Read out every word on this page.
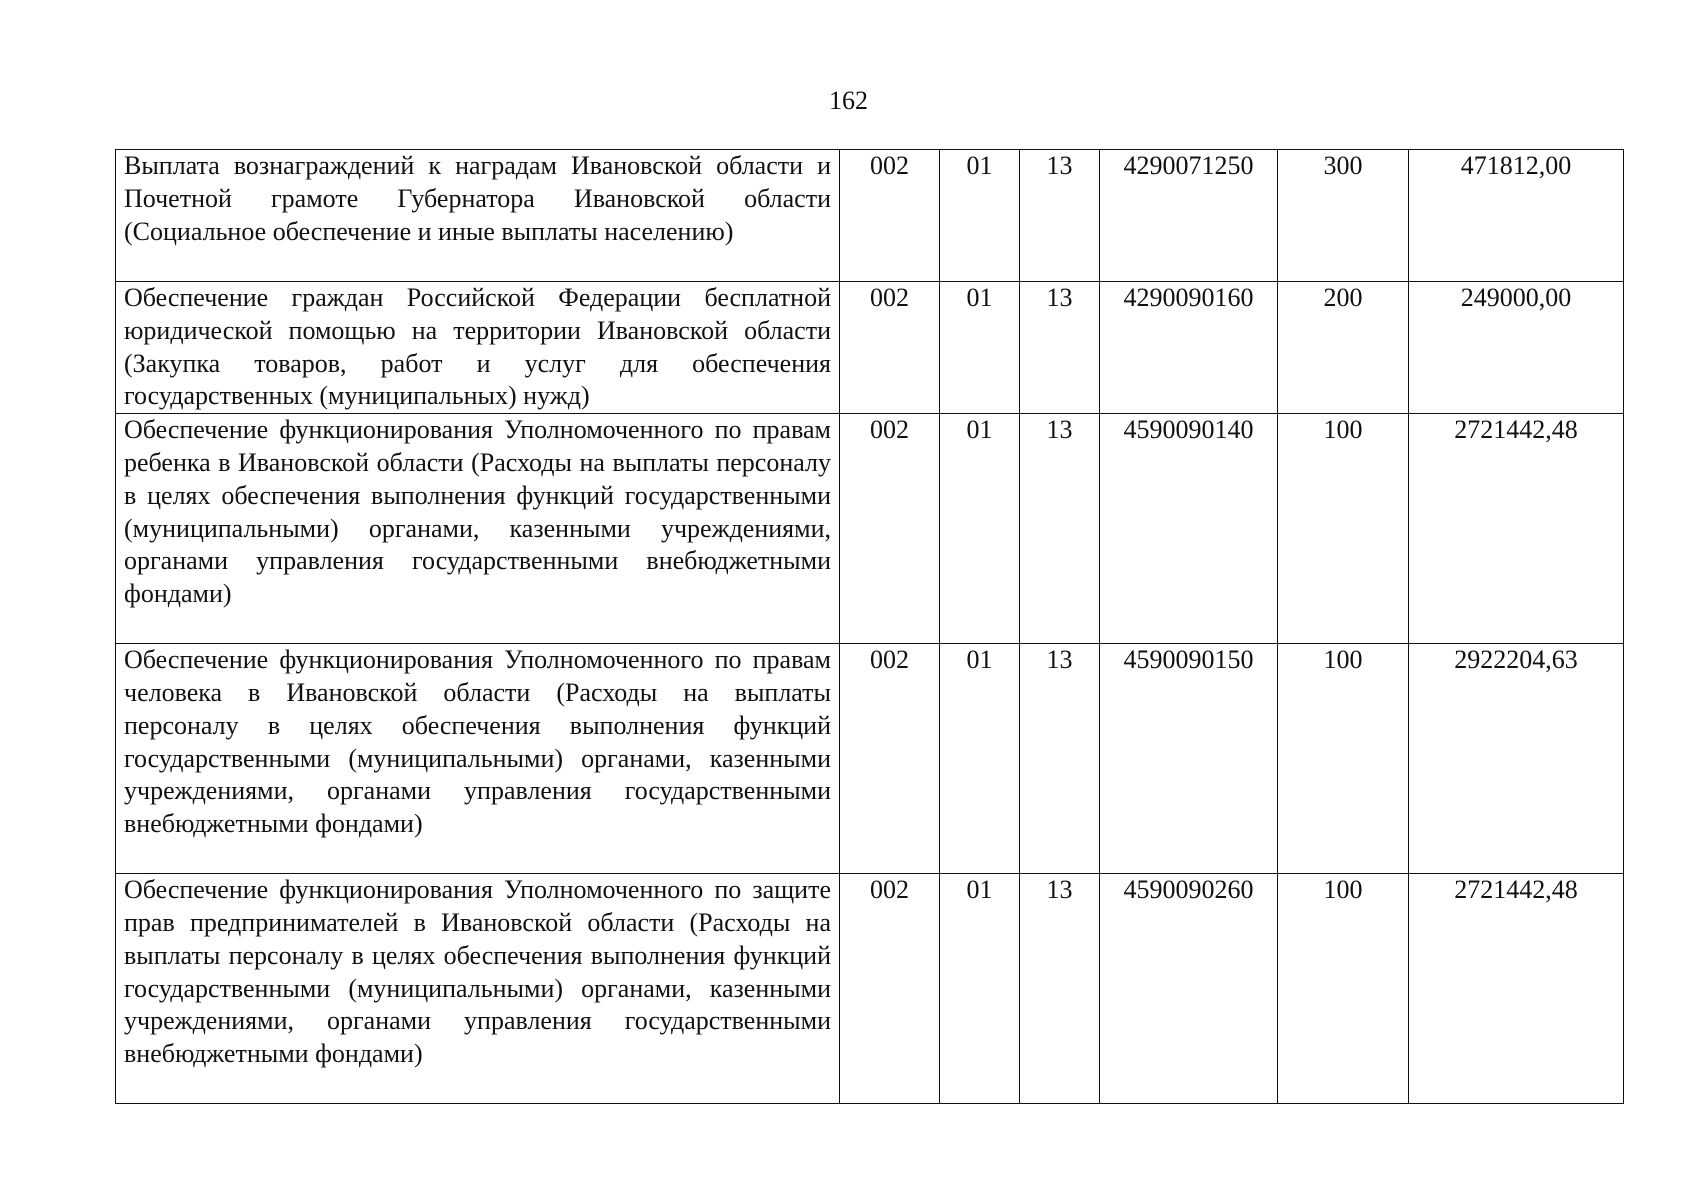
162
Выплата вознаграждений к наградам Ивановской области и Почетной грамоте Губернатора Ивановской области (Социальное обеспечение и иные выплаты населению)	002	01	13	4290071250	300	471812,00
Обеспечение граждан Российской Федерации бесплатной юридической помощью на территории Ивановской области (Закупка товаров, работ и услуг для обеспечения государственных (муниципальных) нужд)	002	01	13	4290090160	200	249000,00
Обеспечение функционирования Уполномоченного по правам ребенка в Ивановской области (Расходы на выплаты персоналу в целях обеспечения выполнения функций государственными (муниципальными) органами, казенными учреждениями, органами управления государственными внебюджетными фондами)	002	01	13	4590090140	100	2721442,48
Обеспечение функционирования Уполномоченного по правам человека в Ивановской области (Расходы на выплаты персоналу в целях обеспечения выполнения функций государственными (муниципальными) органами, казенными учреждениями, органами управления государственными внебюджетными фондами)	002	01	13	4590090150	100	2922204,63
Обеспечение функционирования Уполномоченного по защите прав предпринимателей в Ивановской области (Расходы на выплаты персоналу в целях обеспечения выполнения функций государственными (муниципальными) органами, казенными учреждениями, органами управления государственными внебюджетными фондами)	002	01	13	4590090260	100	2721442,48
